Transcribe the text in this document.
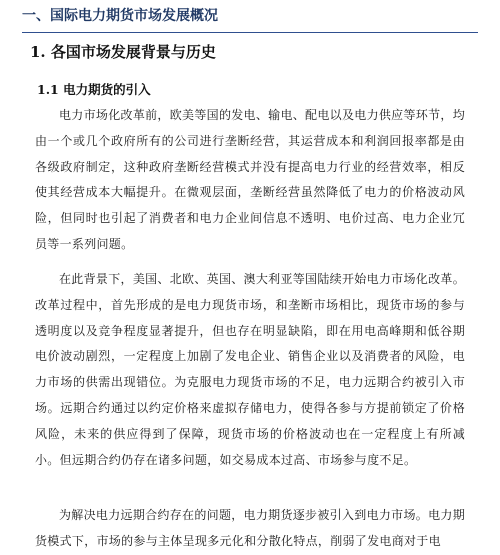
一、国际电力期货市场发展概况
1. 各国市场发展背景与历史
1.1 电力期货的引入
电力市场化改革前，欧美等国的发电、输电、配电以及电力供应等环节，均由一个或几个政府所有的公司进行垄断经营，其运营成本和利润回报率都是由各级政府制定，这种政府垄断经营模式并没有提高电力行业的经营效率，相反使其经营成本大幅提升。在微观层面，垄断经营虽然降低了电力的价格波动风险，但同时也引起了消费者和电力企业间信息不透明、电价过高、电力企业冗员等一系列问题。
在此背景下，美国、北欧、英国、澳大利亚等国陆续开始电力市场化改革。改革过程中，首先形成的是电力现货市场，和垄断市场相比，现货市场的参与透明度以及竞争程度显著提升，但也存在明显缺陷，即在用电高峰期和低谷期电价波动剧烈，一定程度上加剧了发电企业、销售企业以及消费者的风险，电力市场的供需出现错位。为克服电力现货市场的不足，电力远期合约被引入市场。远期合约通过以约定价格来虚拟存储电力，使得各参与方提前锁定了价格风险，未来的供应得到了保障，现货市场的价格波动也在一定程度上有所减小。但远期合约仍存在诸多问题，如交易成本过高、市场参与度不足。
为解决电力远期合约存在的问题，电力期货逐步被引入到电力市场。电力期货模式下，市场的参与主体呈现多元化和分散化特点，削弱了发电商对于电
